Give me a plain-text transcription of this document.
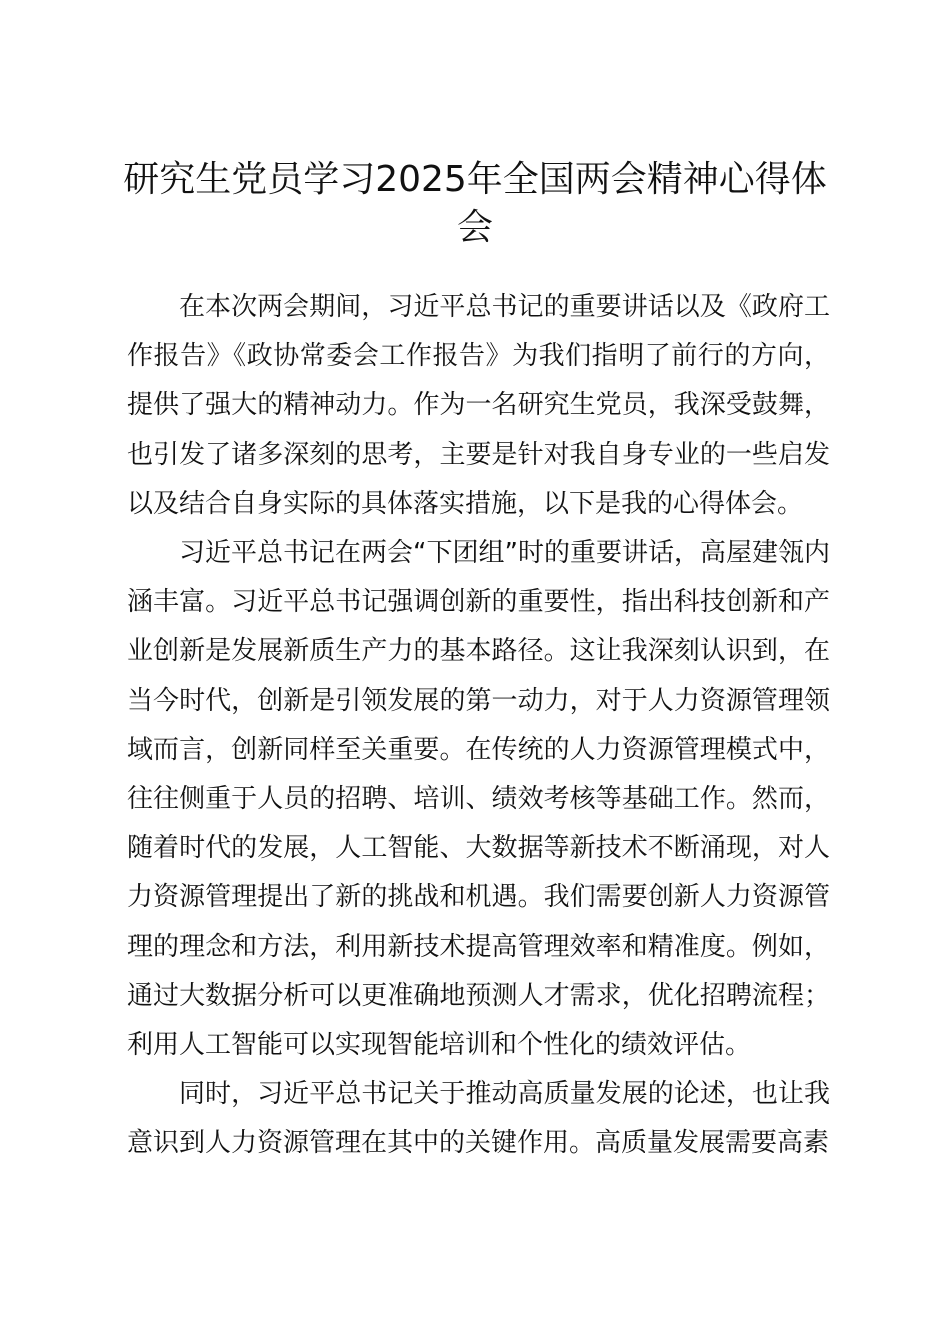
研究生党员学习2025年全国两会精神心得体会

在本次两会期间，习近平总书记的重要讲话以及《政府工作报告》《政协常委会工作报告》为我们指明了前行的方向，提供了强大的精神动力。作为一名研究生党员，我深受鼓舞，也引发了诸多深刻的思考，主要是针对我自身专业的一些启发以及结合自身实际的具体落实措施，以下是我的心得体会。

习近平总书记在两会“下团组”时的重要讲话，高屋建瓴内涵丰富。习近平总书记强调创新的重要性，指出科技创新和产业创新是发展新质生产力的基本路径。这让我深刻认识到，在当今时代，创新是引领发展的第一动力，对于人力资源管理领域而言，创新同样至关重要。在传统的人力资源管理模式中，往往侧重于人员的招聘、培训、绩效考核等基础工作。然而，随着时代的发展，人工智能、大数据等新技术不断涌现，对人力资源管理提出了新的挑战和机遇。我们需要创新人力资源管理的理念和方法，利用新技术提高管理效率和精准度。例如，通过大数据分析可以更准确地预测人才需求，优化招聘流程；利用人工智能可以实现智能培训和个性化的绩效评估。

同时，习近平总书记关于推动高质量发展的论述，也让我意识到人力资源管理在其中的关键作用。高质量发展需要高素
